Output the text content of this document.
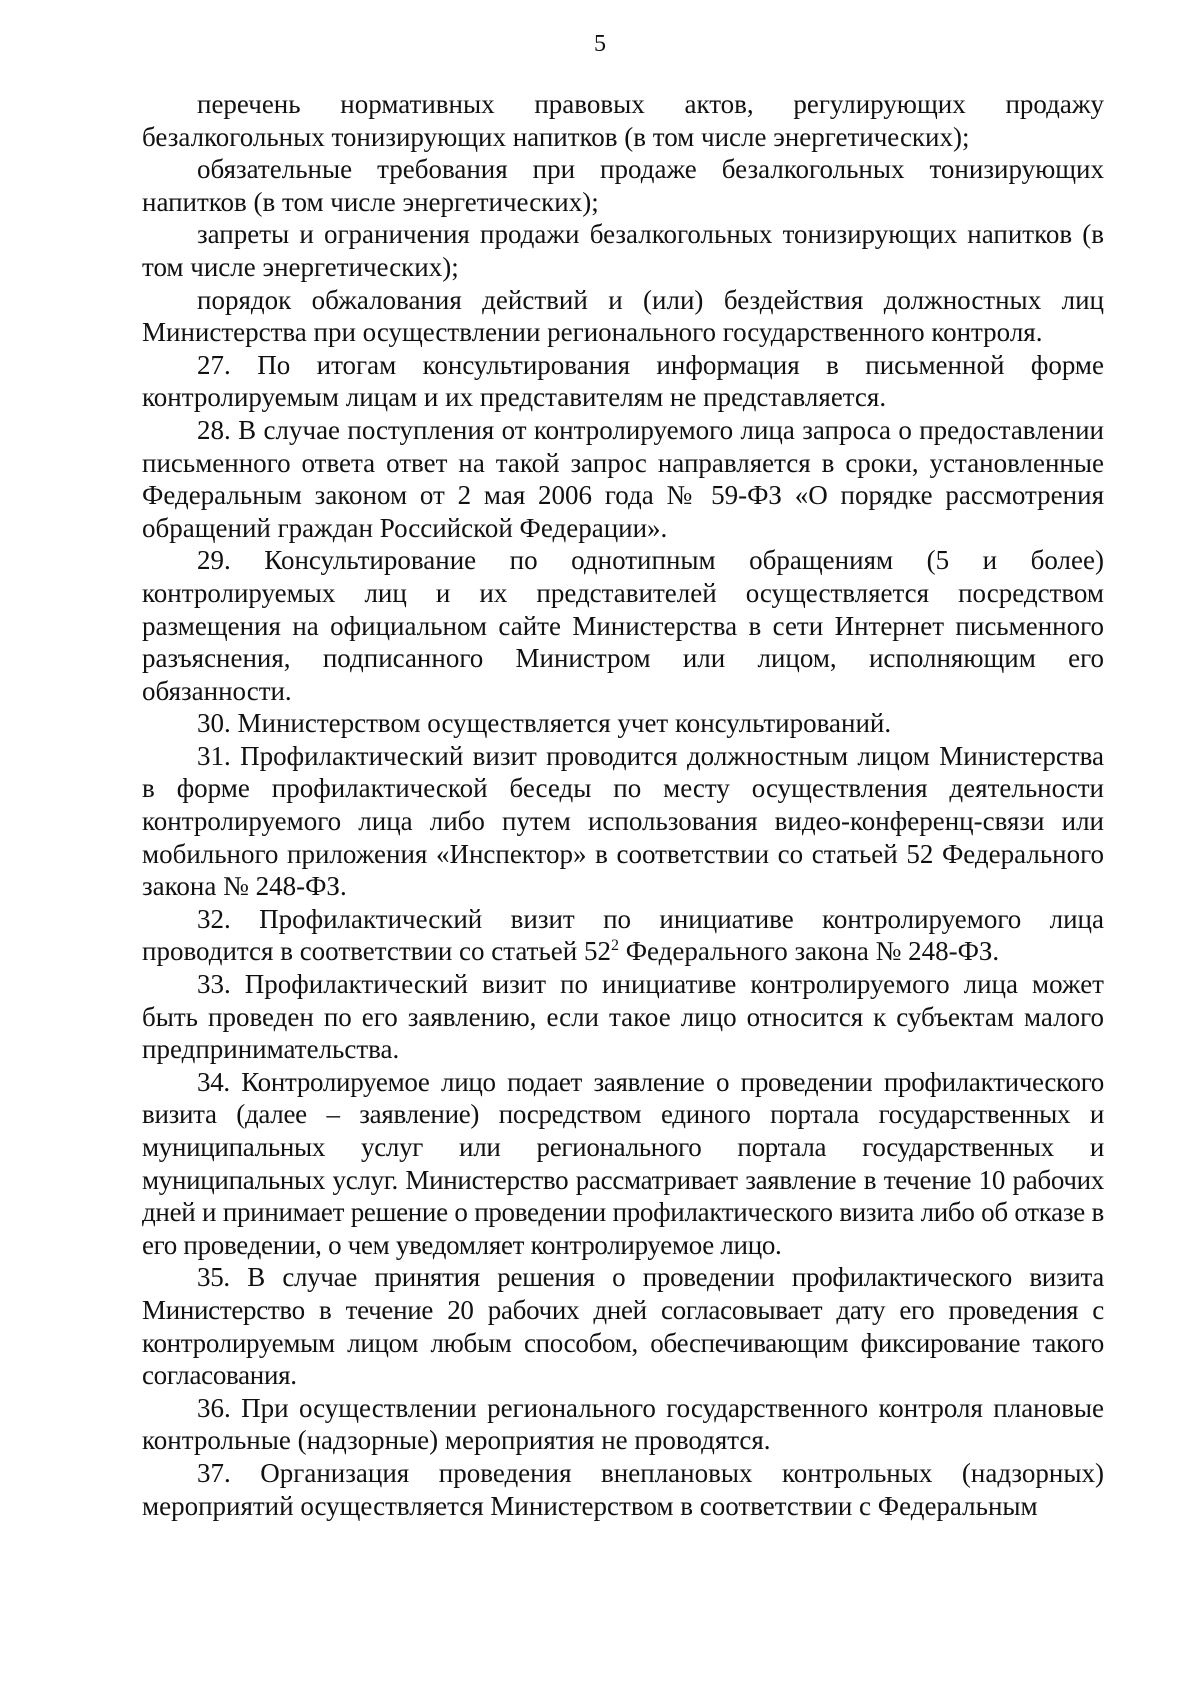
5

перечень нормативных правовых актов, регулирующих продажу безалкогольных тонизирующих напитков (в том числе энергетических);

обязательные требования при продаже безалкогольных тонизирующих напитков (в том числе энергетических);

запреты и ограничения продажи безалкогольных тонизирующих напитков (в том числе энергетических);

порядок обжалования действий и (или) бездействия должностных лиц Министерства при осуществлении регионального государственного контроля.

27. По итогам консультирования информация в письменной форме контролируемым лицам и их представителям не представляется.

28. В случае поступления от контролируемого лица запроса о предоставлении письменного ответа ответ на такой запрос направляется в сроки, установленные Федеральным законом от 2 мая 2006 года № 59-ФЗ «О порядке рассмотрения обращений граждан Российской Федерации».

29. Консультирование по однотипным обращениям (5 и более) контролируемых лиц и их представителей осуществляется посредством размещения на официальном сайте Министерства в сети Интернет письменного разъяснения, подписанного Министром или лицом, исполняющим его обязанности.

30. Министерством осуществляется учет консультирований.

31. Профилактический визит проводится должностным лицом Министерства в форме профилактической беседы по месту осуществления деятельности контролируемого лица либо путем использования видео-конференц-связи или мобильного приложения «Инспектор» в соответствии со статьей 52 Федерального закона № 248-ФЗ.

32. Профилактический визит по инициативе контролируемого лица проводится в соответствии со статьей $52^2$ Федерального закона № 248-ФЗ.

33. Профилактический визит по инициативе контролируемого лица может быть проведен по его заявлению, если такое лицо относится к субъектам малого предпринимательства.

34. Контролируемое лицо подает заявление о проведении профилактического визита (далее – заявление) посредством единого портала государственных и муниципальных услуг или регионального портала государственных и муниципальных услуг. Министерство рассматривает заявление в течение 10 рабочих дней и принимает решение о проведении профилактического визита либо об отказе в его проведении, о чем уведомляет контролируемое лицо.

35. В случае принятия решения о проведении профилактического визита Министерство в течение 20 рабочих дней согласовывает дату его проведения с контролируемым лицом любым способом, обеспечивающим фиксирование такого согласования.

36. При осуществлении регионального государственного контроля плановые контрольные (надзорные) мероприятия не проводятся.

37. Организация проведения внеплановых контрольных (надзорных) мероприятий осуществляется Министерством в соответствии с Федеральным
